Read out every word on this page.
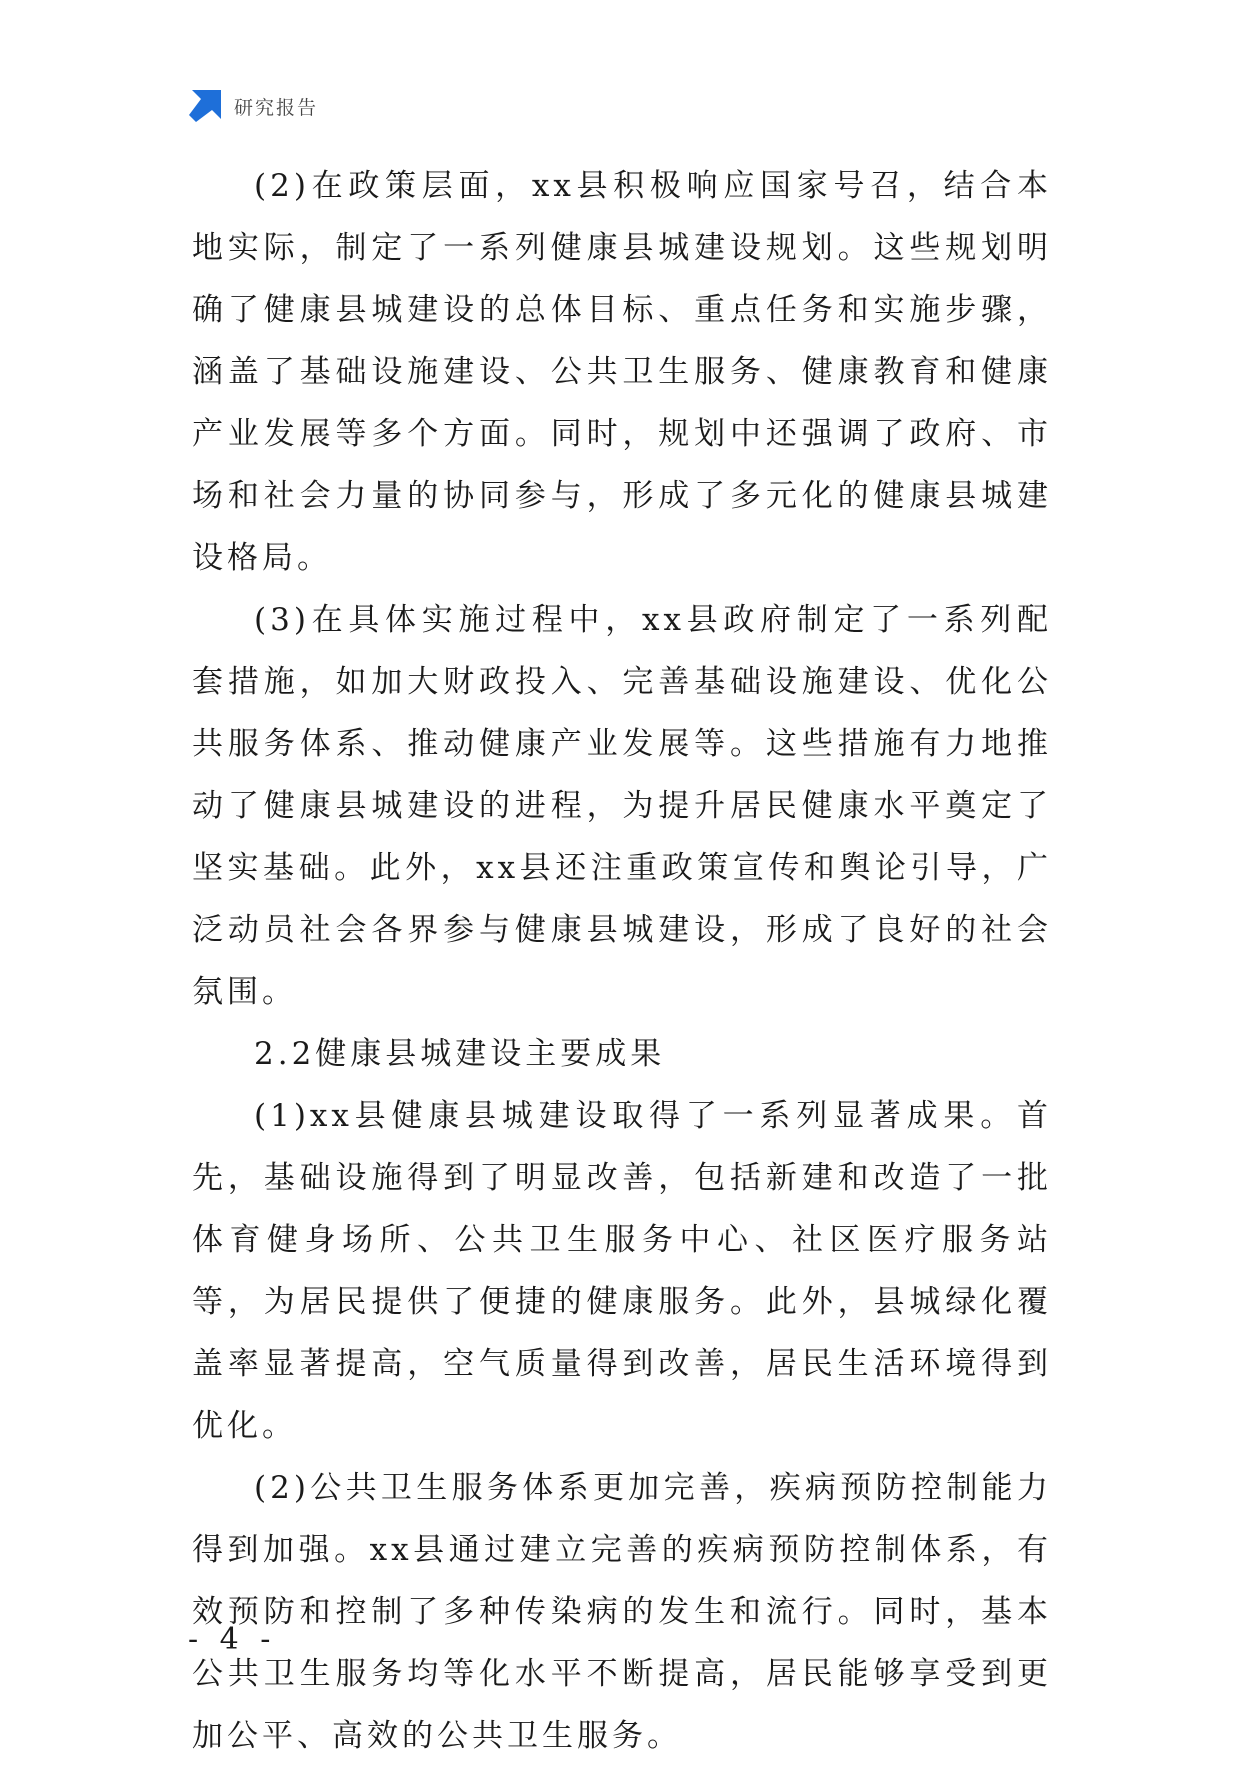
研究报告

(2)在政策层面，xx县积极响应国家号召，结合本地实际，制定了一系列健康县城建设规划。这些规划明确了健康县城建设的总体目标、重点任务和实施步骤，涵盖了基础设施建设、公共卫生服务、健康教育和健康产业发展等多个方面。同时，规划中还强调了政府、市场和社会力量的协同参与，形成了多元化的健康县城建设格局。

(3)在具体实施过程中，xx县政府制定了一系列配套措施，如加大财政投入、完善基础设施建设、优化公共服务体系、推动健康产业发展等。这些措施有力地推动了健康县城建设的进程，为提升居民健康水平奠定了坚实基础。此外，xx县还注重政策宣传和舆论引导，广泛动员社会各界参与健康县城建设，形成了良好的社会氛围。

2.2健康县城建设主要成果

(1)xx县健康县城建设取得了一系列显著成果。首先，基础设施得到了明显改善，包括新建和改造了一批体育健身场所、公共卫生服务中心、社区医疗服务站等，为居民提供了便捷的健康服务。此外，县城绿化覆盖率显著提高，空气质量得到改善，居民生活环境得到优化。

(2)公共卫生服务体系更加完善，疾病预防控制能力得到加强。xx县通过建立完善的疾病预防控制体系，有效预防和控制了多种传染病的发生和流行。同时，基本公共卫生服务均等化水平不断提高，居民能够享受到更加公平、高效的公共卫生服务。

- 4 -
